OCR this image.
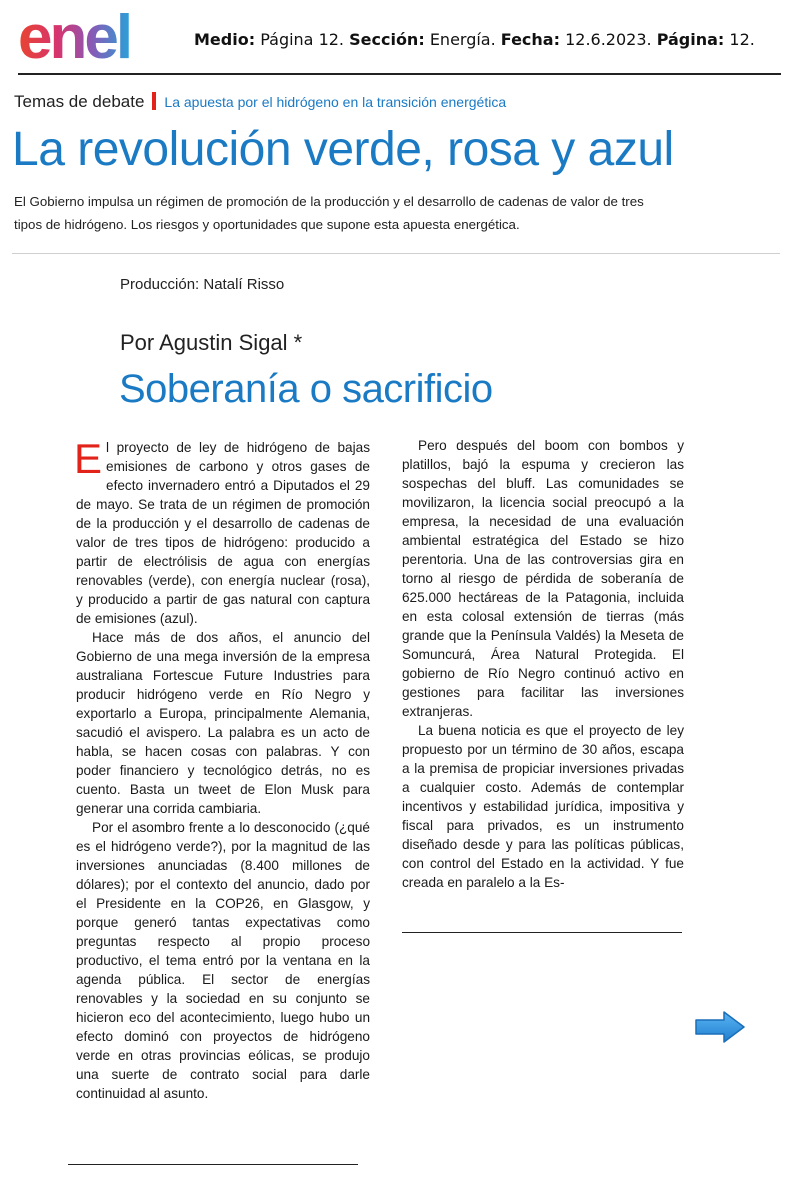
enel	Medio: Página 12. Sección: Energía. Fecha: 12.6.2023. Página: 12.
Temas de debate La apuesta por el hidrógeno en la transición energética
La revolución verde, rosa y azul
El Gobierno impulsa un régimen de promoción de la producción y el desarrollo de cadenas de valor de tres tipos de hidrógeno. Los riesgos y oportunidades que supone esta apuesta energética.
Producción: Natalí Risso
Por Agustin Sigal *
Soberanía o sacrificio

El proyecto de ley de hidrógeno de bajas emisiones de carbono y otros gases de efecto invernadero entró a Diputados el 29 de mayo. Se trata de un régimen de promoción de la producción y el desarrollo de cadenas de valor de tres tipos de hidrógeno: producido a partir de electrólisis de agua con energías renovables (verde), con energía nuclear (rosa), y producido a partir de gas natural con captura de emisiones (azul).

Hace más de dos años, el anuncio del Gobierno de una mega inversión de la empresa australiana Fortescue Future Industries para producir hidrógeno verde en Río Negro y exportarlo a Europa, principalmente Alemania, sacudió el avispero. La palabra es un acto de habla, se hacen cosas con palabras. Y con poder financiero y tecnológico detrás, no es cuento. Basta un tweet de Elon Musk para generar una corrida cambiaria.

Por el asombro frente a lo desconocido (¿qué es el hidrógeno verde?), por la magnitud de las inversiones anunciadas (8.400 millones de dólares); por el contexto del anuncio, dado por el Presidente en la COP26, en Glasgow, y porque generó tantas expectativas como preguntas respecto al propio proceso productivo, el tema entró por la ventana en la agenda pública. El sector de energías renovables y la sociedad en su conjunto se hicieron eco del acontecimiento, luego hubo un efecto dominó con proyectos de hidrógeno verde en otras provincias eólicas, se produjo una suerte de contrato social para darle continuidad al asunto.

Pero después del boom con bombos y platillos, bajó la espuma y crecieron las sospechas del bluff. Las comunidades se movilizaron, la licencia social preocupó a la empresa, la necesidad de una evaluación ambiental estratégica del Estado se hizo perentoria. Una de las controversias gira en torno al riesgo de pérdida de soberanía de 625.000 hectáreas de la Patagonia, incluida en esta colosal extensión de tierras (más grande que la Península Valdés) la Meseta de Somuncurá, Área Natural Protegida. El gobierno de Río Negro continuó activo en gestiones para facilitar las inversiones extranjeras.

La buena noticia es que el proyecto de ley propuesto por un término de 30 años, escapa a la premisa de propiciar inversiones privadas a cualquier costo. Además de contemplar incentivos y estabilidad jurídica, impositiva y fiscal para privados, es un instrumento diseñado desde y para las políticas públicas, con control del Estado en la actividad. Y fue creada en paralelo a la Es-
